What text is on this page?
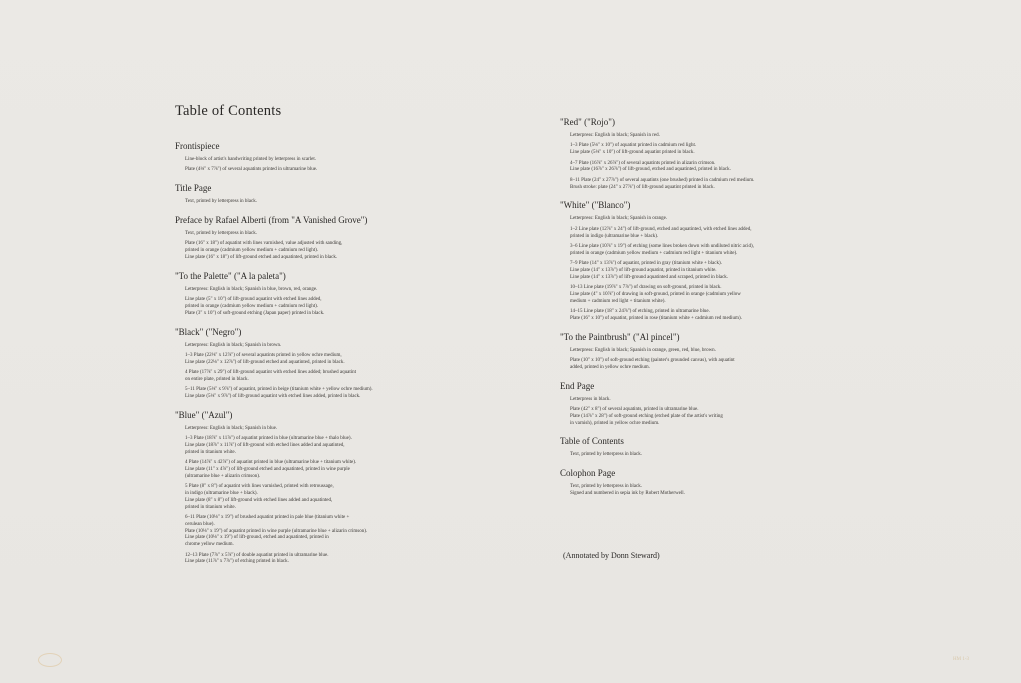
Table of Contents
Frontispiece
Line-block of artist's handwriting printed by letterpress in scarlet.
Plate (4⅛" x 7⅞") of several aquatints printed in ultramarine blue.
Title Page
Text, printed by letterpress in black.
Preface by Rafael Alberti (from "A Vanished Grove")
Text, printed by letterpress in black.
Plate (16" x 18") of aquatint with lines varnished, value adjusted with sanding,
printed in orange (cadmium yellow medium + cadmium red light).
Line plate (16" x 18") of lift-ground etched and aquatinted, printed in black.
"To the Palette" ("A la paleta")
Letterpress: English in black; Spanish in blue, brown, red, orange.
Line plate (5" x 10") of lift-ground aquatint with etched lines added,
printed in orange (cadmium yellow medium + cadmium red light).
Plate (3" x 10") of soft-ground etching (Japan paper) printed in black.
"Black" ("Negro")
Letterpress: English in black; Spanish in brown.
1–3 Plate (22⅛" x 12⅞") of several aquatints printed in yellow ochre medium,
Line plate (22⅛" x 12⅞") of lift-ground etched and aquatinted, printed in black.
4 Plate (17⅞" x 29") of lift-ground aquatint with etched lines added; brushed aquatint
on entire plate, printed in black.
5–11 Plate (5⅛" x 9⅞") of aquatint, printed in beige (titanium white + yellow ochre medium).
Line plate (5⅛" x 9⅞") of lift-ground aquatint with etched lines added, printed in black.
"Blue" ("Azul")
Letterpress: English in black; Spanish in blue.
1–3 Plate (18⅞" x 11⅞") of aquatint printed in blue (ultramarine blue + thalo blue).
Line plate (18⅞" x 11⅞") of lift-ground with etched lines added and aquatinted,
printed in titanium white.
4 Plate (14⅞" x 42⅞") of aquatint printed in blue (ultramarine blue + titanium white).
Line plate (11" x 4⅞") of lift-ground etched and aquatinted, printed in wine purple
(ultramarine blue + alizarin crimson).
5 Plate (8" x 8") of aquatint with lines varnished, printed with retroussage,
in indigo (ultramarine blue + black).
Line plate (8" x 8") of lift-ground with etched lines added and aquatinted,
printed in titanium white.
6–11 Plate (10⅛" x 19") of brushed aquatint printed in pale blue (titanium white +
cerulean blue).
Plate (10⅛" x 19") of aquatint printed in wine purple (ultramarine blue + alizarin crimson).
Line plate (10⅛" x 19") of lift-ground, etched and aquatinted, printed in
chrome yellow medium.
12–13 Plate (7⅞" x 5⅞") of double aquatint printed in ultramarine blue.
Line plate (11⅞" x 7⅞") of etching printed in black.
"Red" ("Rojo")
Letterpress: English in black; Spanish in red.
1–3 Plate (5⅛" x 10") of aquatint printed in cadmium red light.
Line plate (5⅛" x 10") of lift-ground aquatint printed in black.
4–7 Plate (16⅞" x 26⅞") of several aquatints printed in alizarin crimson.
Line plate (16⅞" x 26⅞") of lift-ground, etched and aquatinted, printed in black.
8–11 Plate (24" x 27⅞") of several aquatints (one brushed) printed in cadmium red medium.
Brush stroke: plate (24" x 27⅞") of lift-ground aquatint printed in black.
"White" ("Blanco")
Letterpress: English in black; Spanish in orange.
1–2 Line plate (12⅞" x 24") of lift-ground, etched and aquatinted, with etched lines added,
printed in indigo (ultramarine blue + black).
3–6 Line plate (10⅞" x 19") of etching (some lines broken down with undiluted nitric acid),
printed in orange (cadmium yellow medium + cadmium red light + titanium white).
7–9 Plate (14" x 13⅞") of aquatint, printed in gray (titanium white + black).
Line plate (14" x 13⅞") of lift-ground aquatint, printed in titanium white.
Line plate (14" x 13⅞") of lift-ground aquatinted and scraped, printed in black.
10–13 Line plate (19⅞" x 7⅞") of drawing on soft-ground, printed in black.
Line plate (4" x 10⅞") of drawing in soft-ground, printed in orange (cadmium yellow
medium + cadmium red light + titanium white).
14–15 Line plate (18" x 24⅞") of etching, printed in ultramarine blue.
Plate (16" x 10") of aquatint, printed in rose (titanium white + cadmium red medium).
"To the Paintbrush" ("Al pincel")
Letterpress: English in black; Spanish in orange, green, red, blue, brown.
Plate (10" x 10") of soft-ground etching (painter's grounded canvas), with aquatint
added, printed in yellow ochre medium.
End Page
Letterpress in black.
Plate (42" x 8") of several aquatints, printed in ultramarine blue.
Plate (14⅞" x 28") of soft-ground etching (etched plate of the artist's writing
in varnish), printed in yellow ochre medium.
Table of Contents
Text, printed by letterpress in black.
Colophon Page
Text, printed by letterpress in black.
Signed and numbered in sepia ink by Robert Motherwell.
(Annotated by Donn Steward)
HM 1-3
